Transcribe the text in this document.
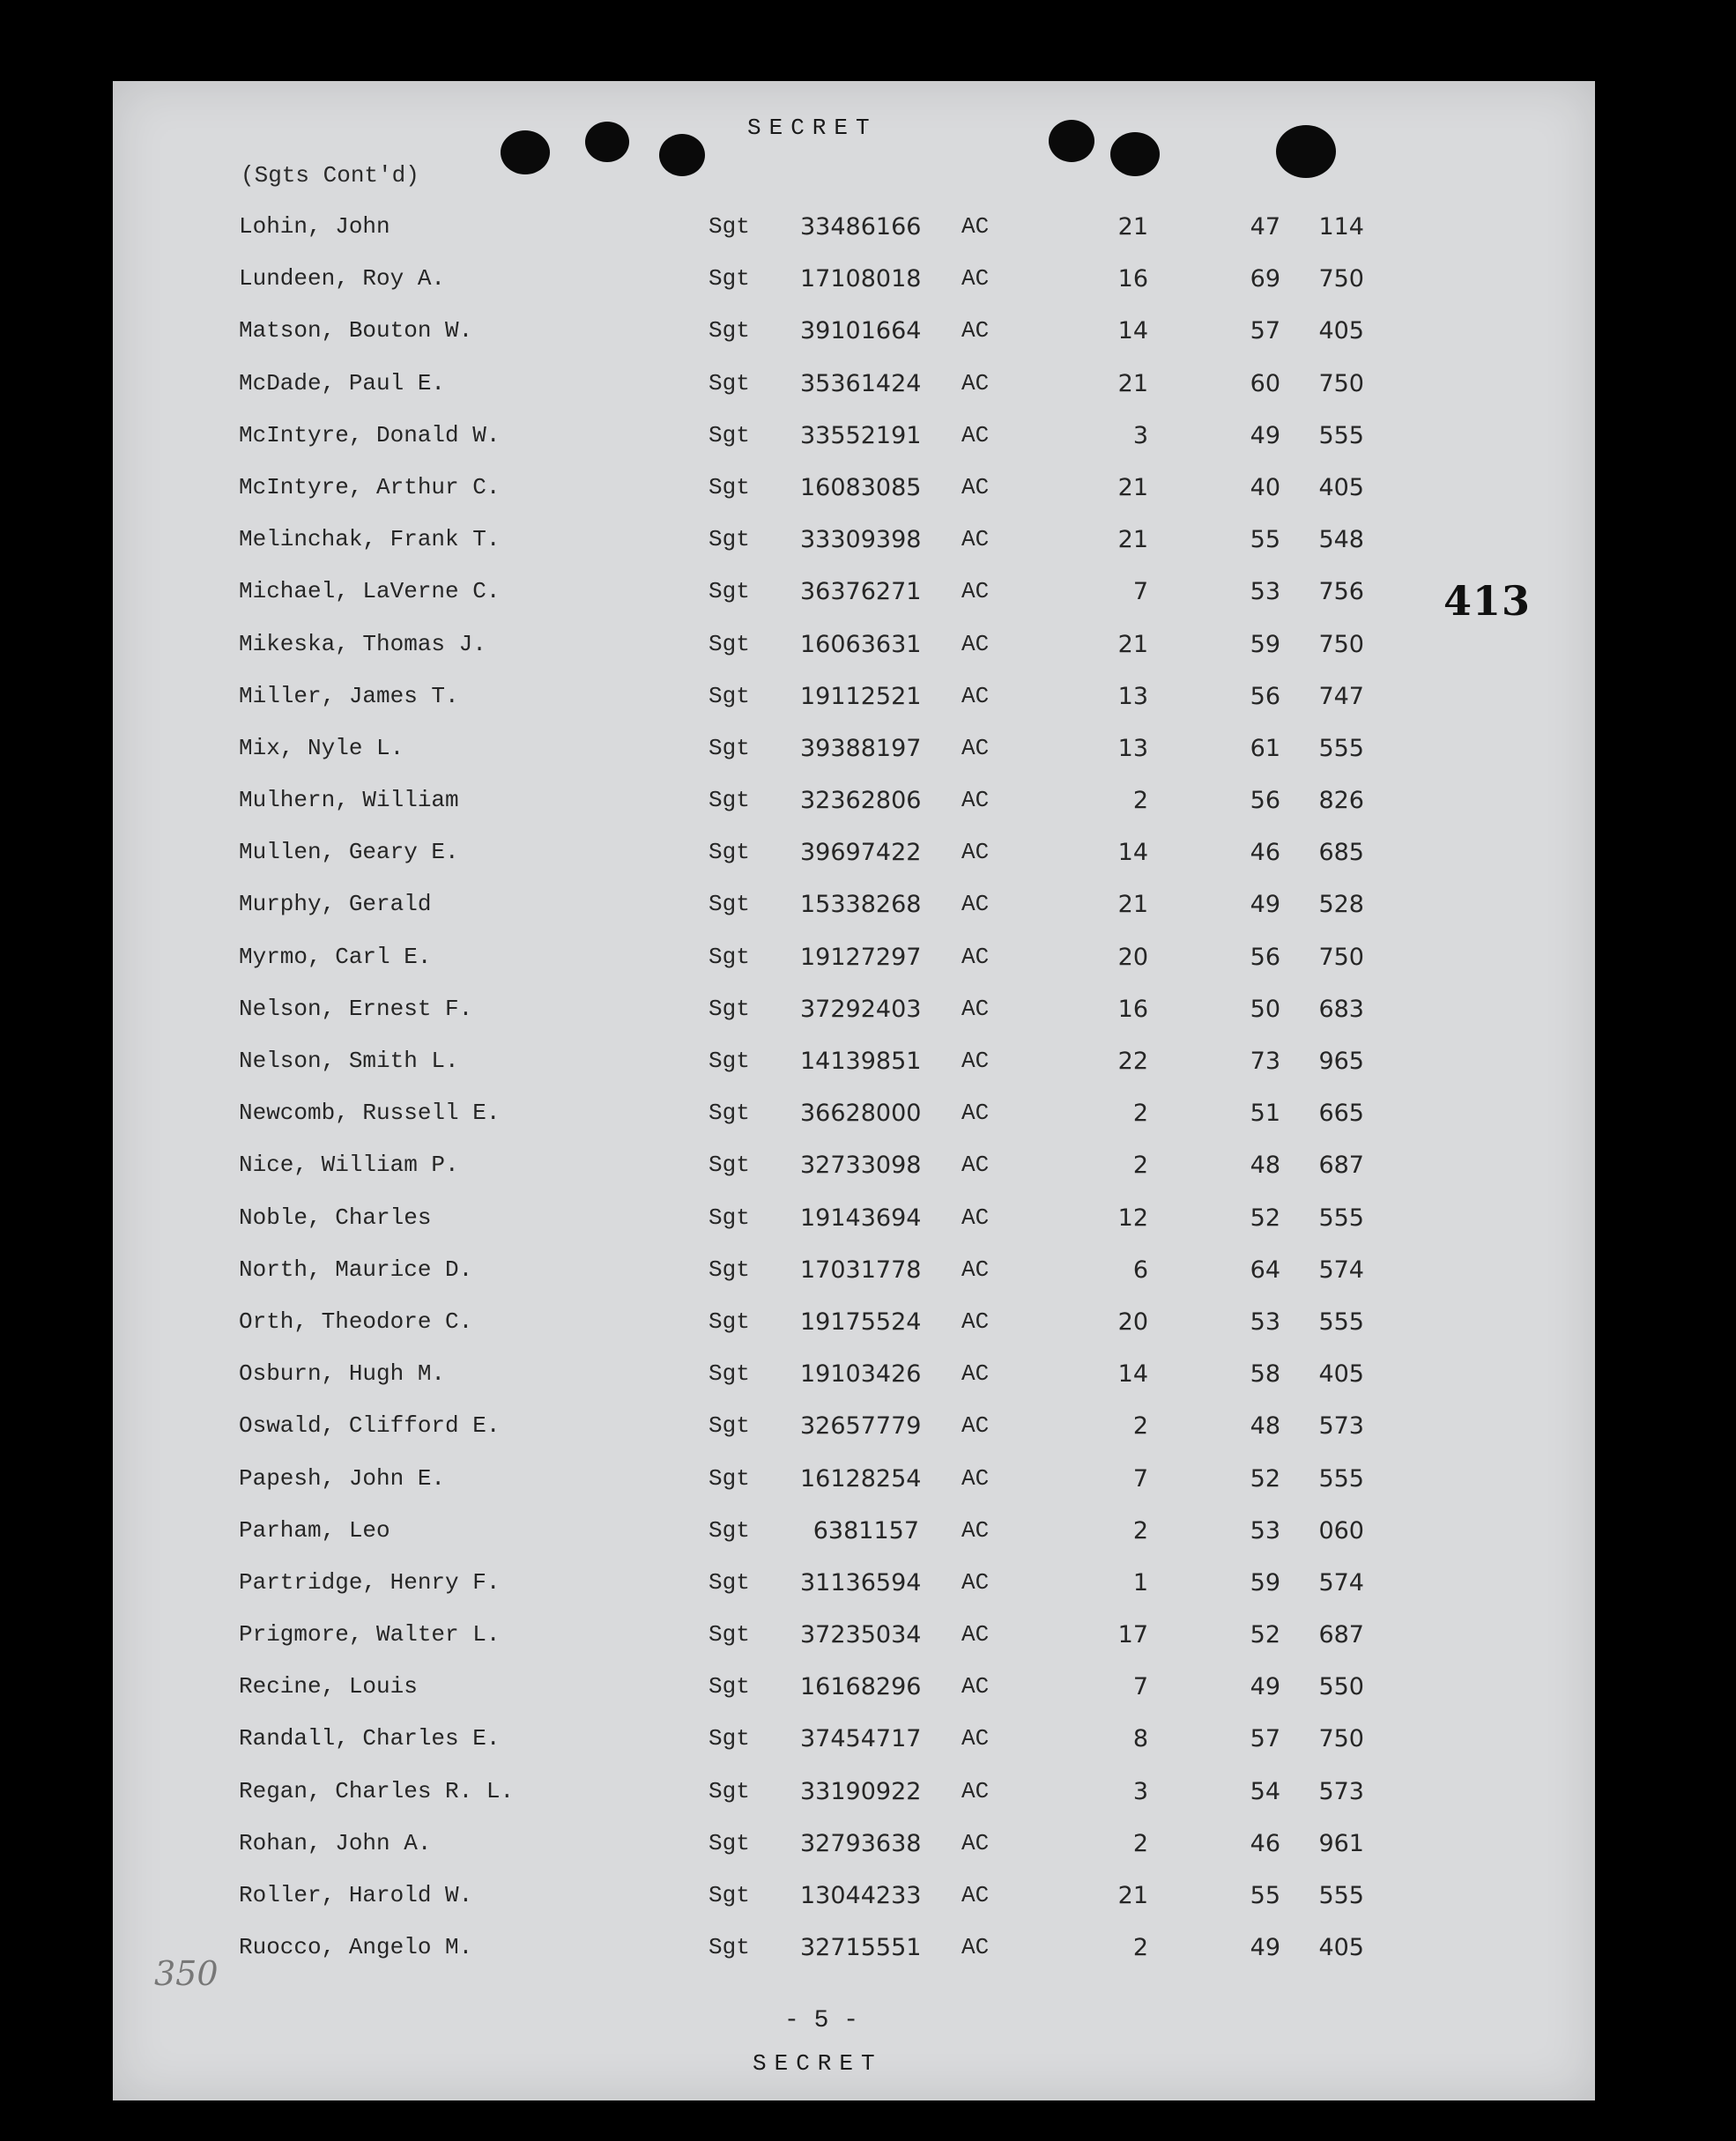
SECRET
(Sgts Cont'd)
Lohin, John	Sgt 33486166 AC	21	47	114
Lundeen, Roy A.	Sgt 17108018 AC	16	69	750
Matson, Bouton W.	Sgt 39101664 AC	14	57	405
McDade, Paul E.	Sgt 35361424 AC	21	60	750
McIntyre, Donald W.	Sgt 33552191 AC	3	49	555
McIntyre, Arthur C.	Sgt 16083085 AC	21	40	405
Melinchak, Frank T.	Sgt 33309398 AC	21	55	548
Michael, LaVerne C.	Sgt 36376271 AC	7	53	756
Mikeska, Thomas J.	Sgt 16063631 AC	21	59	750
Miller, James T.	Sgt 19112521 AC	13	56	747
Mix, Nyle L.	Sgt 39388197 AC	13	61	555
Mulhern, William	Sgt 32362806 AC	2	56	826
Mullen, Geary E.	Sgt 39697422 AC	14	46	685
Murphy, Gerald	Sgt 15338268 AC	21	49	528
Myrmo, Carl E.	Sgt 19127297 AC	20	56	750
Nelson, Ernest F.	Sgt 37292403 AC	16	50	683
Nelson, Smith L.	Sgt 14139851 AC	22	73	965
Newcomb, Russell E.	Sgt 36628000 AC	2	51	665
Nice, William P.	Sgt 32733098 AC	2	48	687
Noble, Charles	Sgt 19143694 AC	12	52	555
North, Maurice D.	Sgt 17031778 AC	6	64	574
Orth, Theodore C.	Sgt 19175524 AC	20	53	555
Osburn, Hugh M.	Sgt 19103426 AC	14	58	405
Oswald, Clifford E.	Sgt 32657779 AC	2	48	573
Papesh, John E.	Sgt 16128254 AC	7	52	555
Parham, Leo	Sgt	6381157 AC	2	53	060
Partridge, Henry F.	Sgt 31136594 AC	1	59	574
Prigmore, Walter L.	Sgt 37235034 AC	17	52	687
Recine, Louis	Sgt 16168296 AC	7	49	550
Randall, Charles E.	Sgt 37454717 AC	8	57	750
Regan, Charles R. L.	Sgt 33190922 AC	3	54	573
Rohan, John A.	Sgt 32793638 AC	2	46	961
Roller, Harold W.	Sgt 13044233 AC	21	55	555
Ruocco, Angelo M.	Sgt 32715551 AC	2	49	405
413
- 5 -
SECRET
350
